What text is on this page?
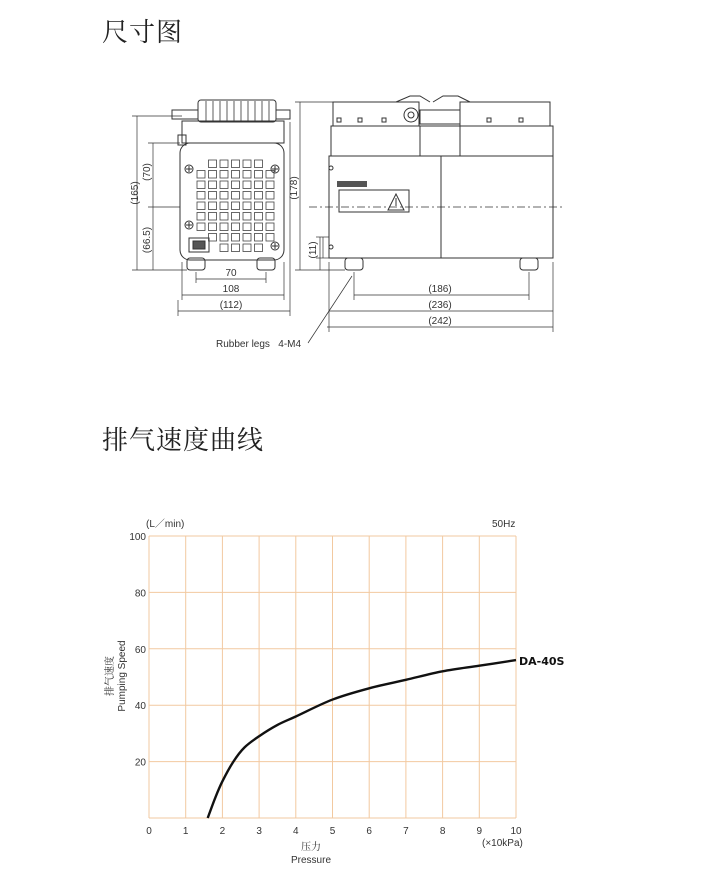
尺寸图
排气速度曲线
(165)
(70)
(66.5)
(178)
(11)
70
108
(112)
(186)
(236)
(242)
Rubber legs   4-M4
0	1	2	3	4	5	6	7	8	9	10
20
40
60
80
100
DA-40S
(L／min)	50Hz
排气速度 Pumping Speed
压力
Pressure
(×10kPa)
